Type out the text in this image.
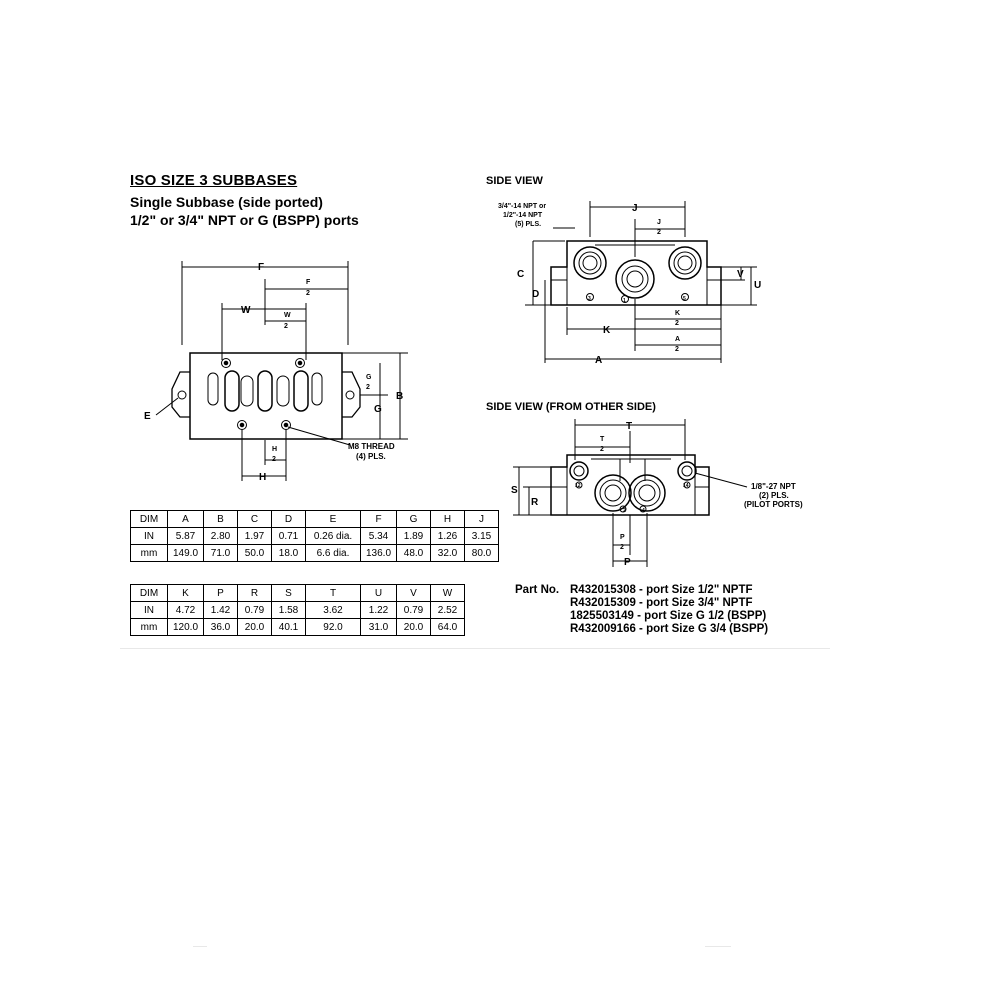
ISO SIZE 3 SUBBASES
Single Subbase (side ported)
1/2" or 3/4" NPT or G (BSPP) ports
SIDE VIEW
SIDE VIEW (FROM OTHER SIDE)
F
F
2
W	W
2
G
2
B
G
E
H
2
H
M8 THREAD
(4) PLS.
3/4"-14 NPT or
1/2"-14 NPT
(5) PLS.
J
J
2
C
D
V
U
K
K
2
A
2
A
3	1	5
T
T
2
S
R
1/8"-27 NPT
(2) PLS.
(PILOT PORTS)
P
2
P
12
2	4
14
DIM	A	B	C	D	E	F	G	H	J
IN	5.87	2.80	1.97	0.71	0.26 dia.	5.34	1.89	1.26	3.15
mm	149.0	71.0	50.0	18.0	6.6 dia.	136.0	48.0	32.0	80.0
DIM	K	P	R	S	T	U	V	W
IN	4.72	1.42	0.79	1.58	3.62	1.22	0.79	2.52
mm	120.0	36.0	20.0	40.1	92.0	31.0	20.0	64.0
Part No. R432015308 - port Size 1/2" NPTF
R432015309 - port Size 3/4" NPTF
1825503149 - port Size G 1/2 (BSPP)
R432009166 - port Size G 3/4 (BSPP)
